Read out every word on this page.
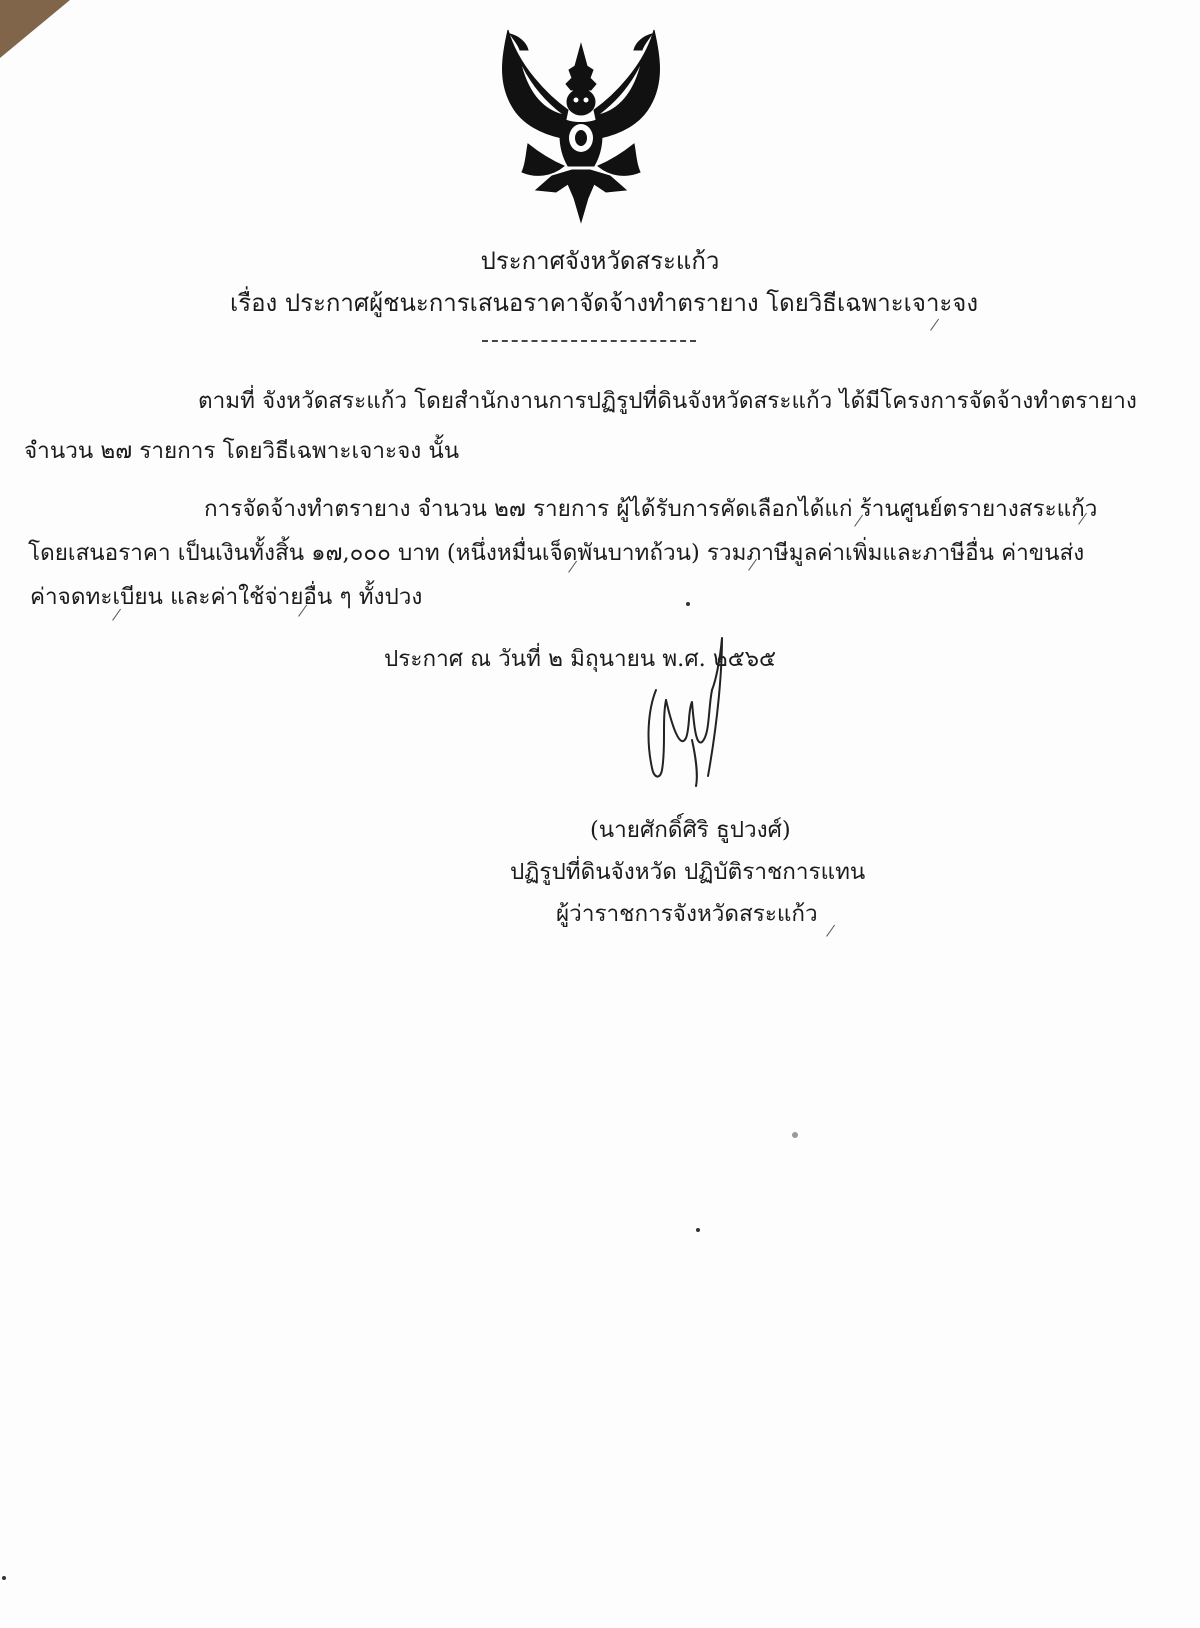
ประกาศจังหวัดสระแก้ว
เรื่อง ประกาศผู้ชนะการเสนอราคาจัดจ้างทำตรายาง โดยวิธีเฉพาะเจาะจง
ตามที่ จังหวัดสระแก้ว โดยสำนักงานการปฏิรูปที่ดินจังหวัดสระแก้ว ได้มีโครงการจัดจ้างทำตรายาง
จำนวน ๒๗ รายการ โดยวิธีเฉพาะเจาะจง นั้น
การจัดจ้างทำตรายาง จำนวน ๒๗ รายการ ผู้ได้รับการคัดเลือกได้แก่ ร้านศูนย์ตรายางสระแก้ว
โดยเสนอราคา เป็นเงินทั้งสิ้น ๑๗,๐๐๐ บาท (หนึ่งหมื่นเจ็ดพันบาทถ้วน) รวมภาษีมูลค่าเพิ่มและภาษีอื่น ค่าขนส่ง
ค่าจดทะเบียน และค่าใช้จ่ายอื่น ๆ ทั้งปวง
ประกาศ ณ วันที่ ๒ มิถุนายน พ.ศ. ๒๕๖๕
(นายศักดิ์ศิริ ธูปวงศ์)
ปฏิรูปที่ดินจังหวัด ปฏิบัติราชการแทน
ผู้ว่าราชการจังหวัดสระแก้ว
